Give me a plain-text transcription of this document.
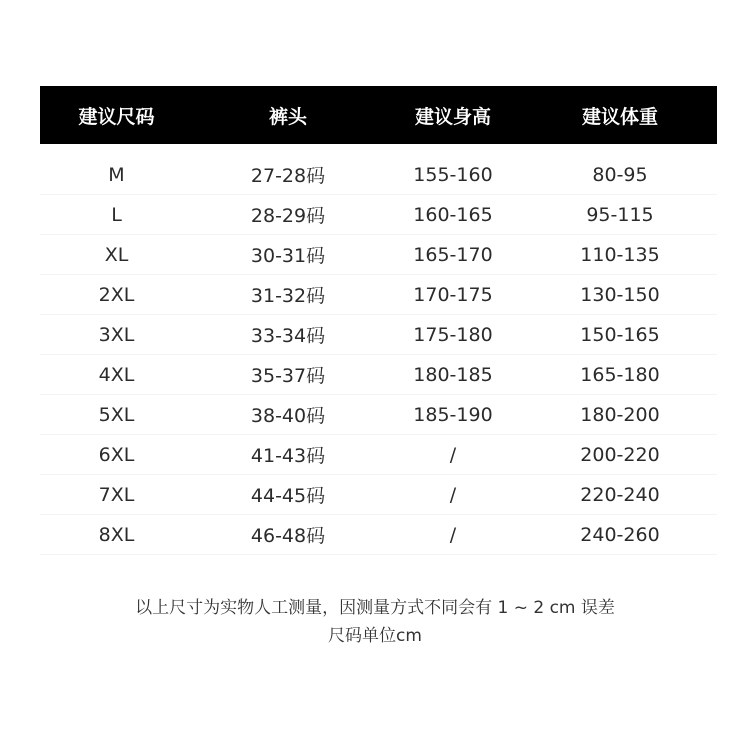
建议尺码	裤头	建议身高	建议体重
M	27-28码	155-160	80-95
L	28-29码	160-165	95-115
XL	30-31码	165-170	110-135
2XL	31-32码	170-175	130-150
3XL	33-34码	175-180	150-165
4XL	35-37码	180-185	165-180
5XL	38-40码	185-190	180-200
6XL	41-43码	/	200-220
7XL	44-45码	/	220-240
8XL	46-48码	/	240-260
以上尺寸为实物人工测量，因测量方式不同会有 1 ~ 2 cm 误差
尺码单位cm
